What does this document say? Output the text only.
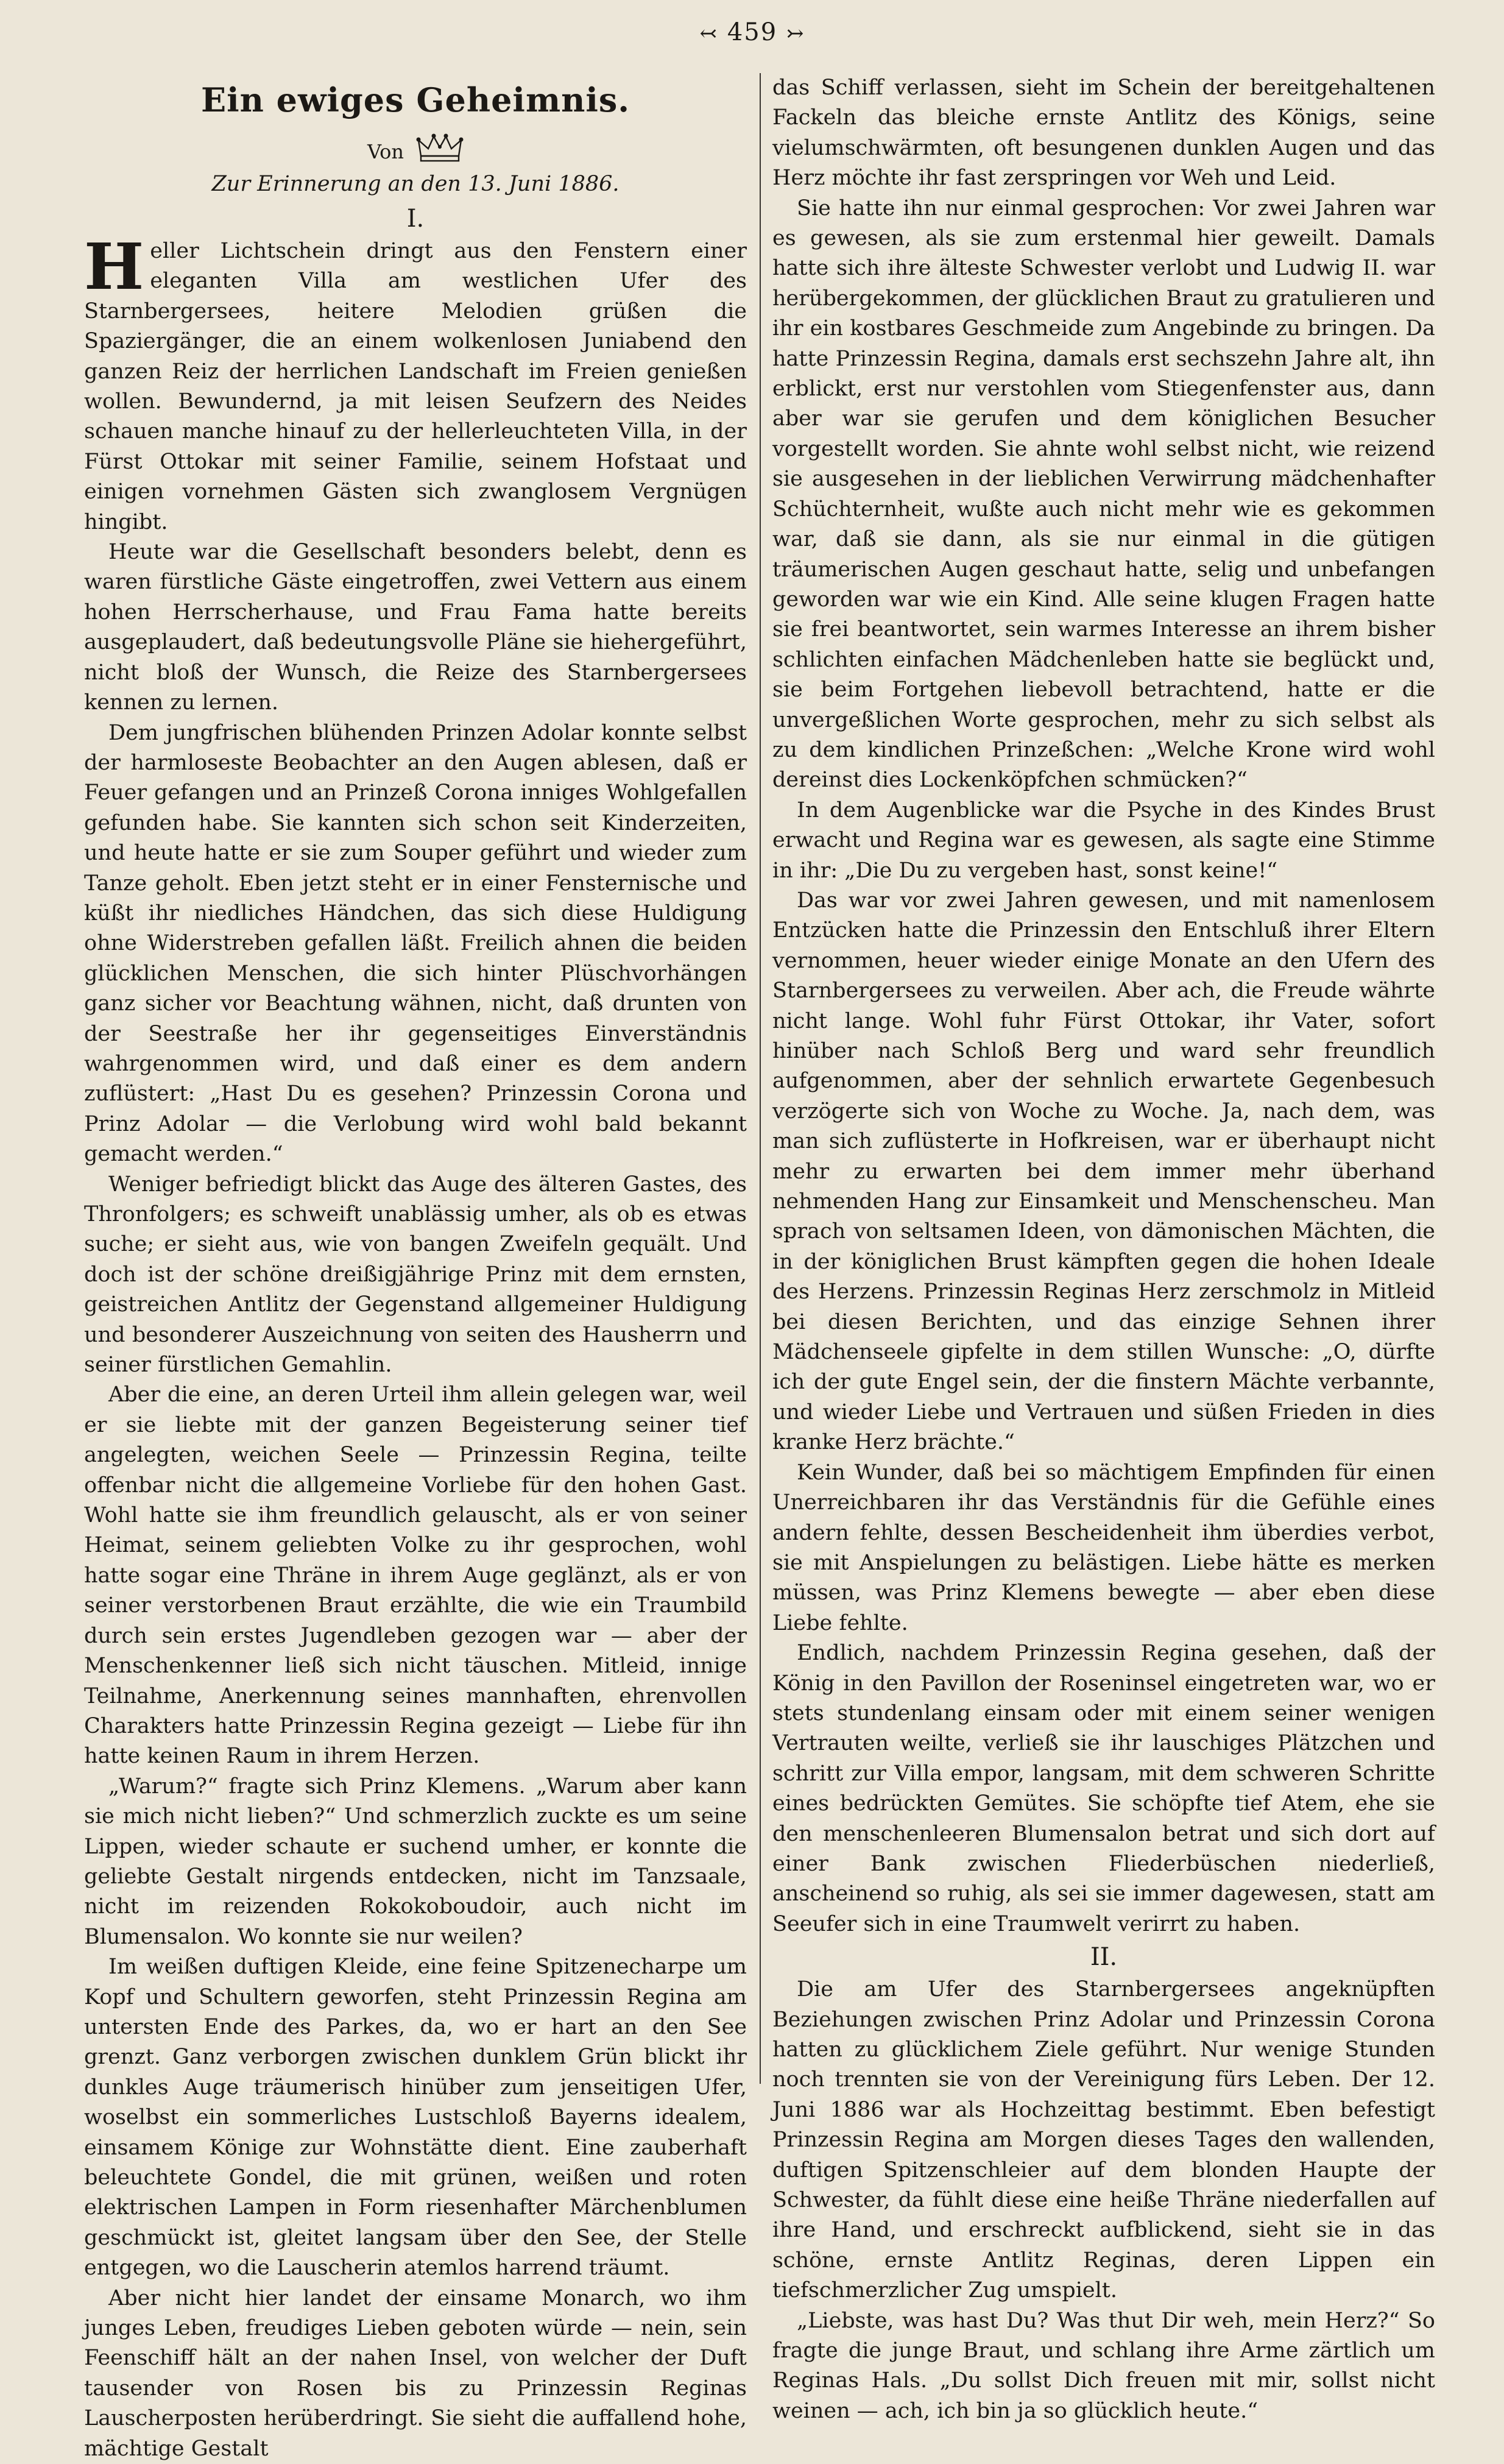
↢ 459 ↣
Ein ewiges Geheimnis.
Von
Zur Erinnerung an den 13. Juni 1886.
I.

Heller Lichtschein dringt aus den Fenstern einer eleganten Villa am westlichen Ufer des Starnbergersees, heitere Melodien grüßen die Spaziergänger, die an einem wolkenlosen Juniabend den ganzen Reiz der herrlichen Landschaft im Freien genießen wollen. Bewundernd, ja mit leisen Seufzern des Neides schauen manche hinauf zu der hellerleuchteten Villa, in der Fürst Ottokar mit seiner Familie, seinem Hofstaat und einigen vornehmen Gästen sich zwanglosem Vergnügen hingibt.

Heute war die Gesellschaft besonders belebt, denn es waren fürstliche Gäste eingetroffen, zwei Vettern aus einem hohen Herrscherhause, und Frau Fama hatte bereits ausgeplaudert, daß bedeutungsvolle Pläne sie hiehergeführt, nicht bloß der Wunsch, die Reize des Starnbergersees kennen zu lernen.

Dem jungfrischen blühenden Prinzen Adolar konnte selbst der harmloseste Beobachter an den Augen ablesen, daß er Feuer gefangen und an Prinzeß Corona inniges Wohlgefallen gefunden habe. Sie kannten sich schon seit Kinderzeiten, und heute hatte er sie zum Souper geführt und wieder zum Tanze geholt. Eben jetzt steht er in einer Fensternische und küßt ihr niedliches Händchen, das sich diese Huldigung ohne Widerstreben gefallen läßt. Freilich ahnen die beiden glücklichen Menschen, die sich hinter Plüschvorhängen ganz sicher vor Beachtung wähnen, nicht, daß drunten von der Seestraße her ihr gegenseitiges Einverständnis wahrgenommen wird, und daß einer es dem andern zuflüstert: „Hast Du es gesehen? Prinzessin Corona und Prinz Adolar — die Verlobung wird wohl bald bekannt gemacht werden.“

Weniger befriedigt blickt das Auge des älteren Gastes, des Thronfolgers; es schweift unablässig umher, als ob es etwas suche; er sieht aus, wie von bangen Zweifeln gequält. Und doch ist der schöne dreißigjährige Prinz mit dem ernsten, geistreichen Antlitz der Gegenstand allgemeiner Huldigung und besonderer Auszeichnung von seiten des Hausherrn und seiner fürstlichen Gemahlin.

Aber die eine, an deren Urteil ihm allein gelegen war, weil er sie liebte mit der ganzen Begeisterung seiner tief angelegten, weichen Seele — Prinzessin Regina, teilte offenbar nicht die allgemeine Vorliebe für den hohen Gast. Wohl hatte sie ihm freundlich gelauscht, als er von seiner Heimat, seinem geliebten Volke zu ihr gesprochen, wohl hatte sogar eine Thräne in ihrem Auge geglänzt, als er von seiner verstorbenen Braut erzählte, die wie ein Traumbild durch sein erstes Jugendleben gezogen war — aber der Menschenkenner ließ sich nicht täuschen. Mitleid, innige Teilnahme, Anerkennung seines mannhaften, ehrenvollen Charakters hatte Prinzessin Regina gezeigt — Liebe für ihn hatte keinen Raum in ihrem Herzen.

„Warum?“ fragte sich Prinz Klemens. „Warum aber kann sie mich nicht lieben?“ Und schmerzlich zuckte es um seine Lippen, wieder schaute er suchend umher, er konnte die geliebte Gestalt nirgends entdecken, nicht im Tanzsaale, nicht im reizenden Rokokoboudoir, auch nicht im Blumensalon. Wo konnte sie nur weilen?

Im weißen duftigen Kleide, eine feine Spitzenecharpe um Kopf und Schultern geworfen, steht Prinzessin Regina am untersten Ende des Parkes, da, wo er hart an den See grenzt. Ganz verborgen zwischen dunklem Grün blickt ihr dunkles Auge träumerisch hinüber zum jenseitigen Ufer, woselbst ein sommerliches Lustschloß Bayerns idealem, einsamem Könige zur Wohnstätte dient. Eine zauberhaft beleuchtete Gondel, die mit grünen, weißen und roten elektrischen Lampen in Form riesenhafter Märchenblumen geschmückt ist, gleitet langsam über den See, der Stelle entgegen, wo die Lauscherin atemlos harrend träumt.

Aber nicht hier landet der einsame Monarch, wo ihm junges Leben, freudiges Lieben geboten würde — nein, sein Feenschiff hält an der nahen Insel, von welcher der Duft tausender von Rosen bis zu Prinzessin Reginas Lauscherposten herüberdringt. Sie sieht die auffallend hohe, mächtige Gestalt

das Schiff verlassen, sieht im Schein der bereitgehaltenen Fackeln das bleiche ernste Antlitz des Königs, seine vielumschwärmten, oft besungenen dunklen Augen und das Herz möchte ihr fast zerspringen vor Weh und Leid.

Sie hatte ihn nur einmal gesprochen: Vor zwei Jahren war es gewesen, als sie zum erstenmal hier geweilt. Damals hatte sich ihre älteste Schwester verlobt und Ludwig II. war herübergekommen, der glücklichen Braut zu gratulieren und ihr ein kostbares Geschmeide zum Angebinde zu bringen. Da hatte Prinzessin Regina, damals erst sechszehn Jahre alt, ihn erblickt, erst nur verstohlen vom Stiegenfenster aus, dann aber war sie gerufen und dem königlichen Besucher vorgestellt worden. Sie ahnte wohl selbst nicht, wie reizend sie ausgesehen in der lieblichen Verwirrung mädchenhafter Schüchternheit, wußte auch nicht mehr wie es gekommen war, daß sie dann, als sie nur einmal in die gütigen träumerischen Augen geschaut hatte, selig und unbefangen geworden war wie ein Kind. Alle seine klugen Fragen hatte sie frei beantwortet, sein warmes Interesse an ihrem bisher schlichten einfachen Mädchenleben hatte sie beglückt und, sie beim Fortgehen liebevoll betrachtend, hatte er die unvergeßlichen Worte gesprochen, mehr zu sich selbst als zu dem kindlichen Prinzeßchen: „Welche Krone wird wohl dereinst dies Lockenköpfchen schmücken?“

In dem Augenblicke war die Psyche in des Kindes Brust erwacht und Regina war es gewesen, als sagte eine Stimme in ihr: „Die Du zu vergeben hast, sonst keine!“

Das war vor zwei Jahren gewesen, und mit namenlosem Entzücken hatte die Prinzessin den Entschluß ihrer Eltern vernommen, heuer wieder einige Monate an den Ufern des Starnbergersees zu verweilen. Aber ach, die Freude währte nicht lange. Wohl fuhr Fürst Ottokar, ihr Vater, sofort hinüber nach Schloß Berg und ward sehr freundlich aufgenommen, aber der sehnlich erwartete Gegenbesuch verzögerte sich von Woche zu Woche. Ja, nach dem, was man sich zuflüsterte in Hofkreisen, war er überhaupt nicht mehr zu erwarten bei dem immer mehr überhand nehmenden Hang zur Einsamkeit und Menschenscheu. Man sprach von seltsamen Ideen, von dämonischen Mächten, die in der königlichen Brust kämpften gegen die hohen Ideale des Herzens. Prinzessin Reginas Herz zerschmolz in Mitleid bei diesen Berichten, und das einzige Sehnen ihrer Mädchenseele gipfelte in dem stillen Wunsche: „O, dürfte ich der gute Engel sein, der die finstern Mächte verbannte, und wieder Liebe und Vertrauen und süßen Frieden in dies kranke Herz brächte.“

Kein Wunder, daß bei so mächtigem Empfinden für einen Unerreichbaren ihr das Verständnis für die Gefühle eines andern fehlte, dessen Bescheidenheit ihm überdies verbot, sie mit Anspielungen zu belästigen. Liebe hätte es merken müssen, was Prinz Klemens bewegte — aber eben diese Liebe fehlte.

Endlich, nachdem Prinzessin Regina gesehen, daß der König in den Pavillon der Roseninsel eingetreten war, wo er stets stundenlang einsam oder mit einem seiner wenigen Vertrauten weilte, verließ sie ihr lauschiges Plätzchen und schritt zur Villa empor, langsam, mit dem schweren Schritte eines bedrückten Gemütes. Sie schöpfte tief Atem, ehe sie den menschenleeren Blumensalon betrat und sich dort auf einer Bank zwischen Fliederbüschen niederließ, anscheinend so ruhig, als sei sie immer dagewesen, statt am Seeufer sich in eine Traumwelt verirrt zu haben.

II.

Die am Ufer des Starnbergersees angeknüpften Beziehungen zwischen Prinz Adolar und Prinzessin Corona hatten zu glücklichem Ziele geführt. Nur wenige Stunden noch trennten sie von der Vereinigung fürs Leben. Der 12. Juni 1886 war als Hochzeittag bestimmt. Eben befestigt Prinzessin Regina am Morgen dieses Tages den wallenden, duftigen Spitzenschleier auf dem blonden Haupte der Schwester, da fühlt diese eine heiße Thräne niederfallen auf ihre Hand, und erschreckt aufblickend, sieht sie in das schöne, ernste Antlitz Reginas, deren Lippen ein tiefschmerzlicher Zug umspielt.

„Liebste, was hast Du? Was thut Dir weh, mein Herz?“ So fragte die junge Braut, und schlang ihre Arme zärtlich um Reginas Hals. „Du sollst Dich freuen mit mir, sollst nicht weinen — ach, ich bin ja so glücklich heute.“
